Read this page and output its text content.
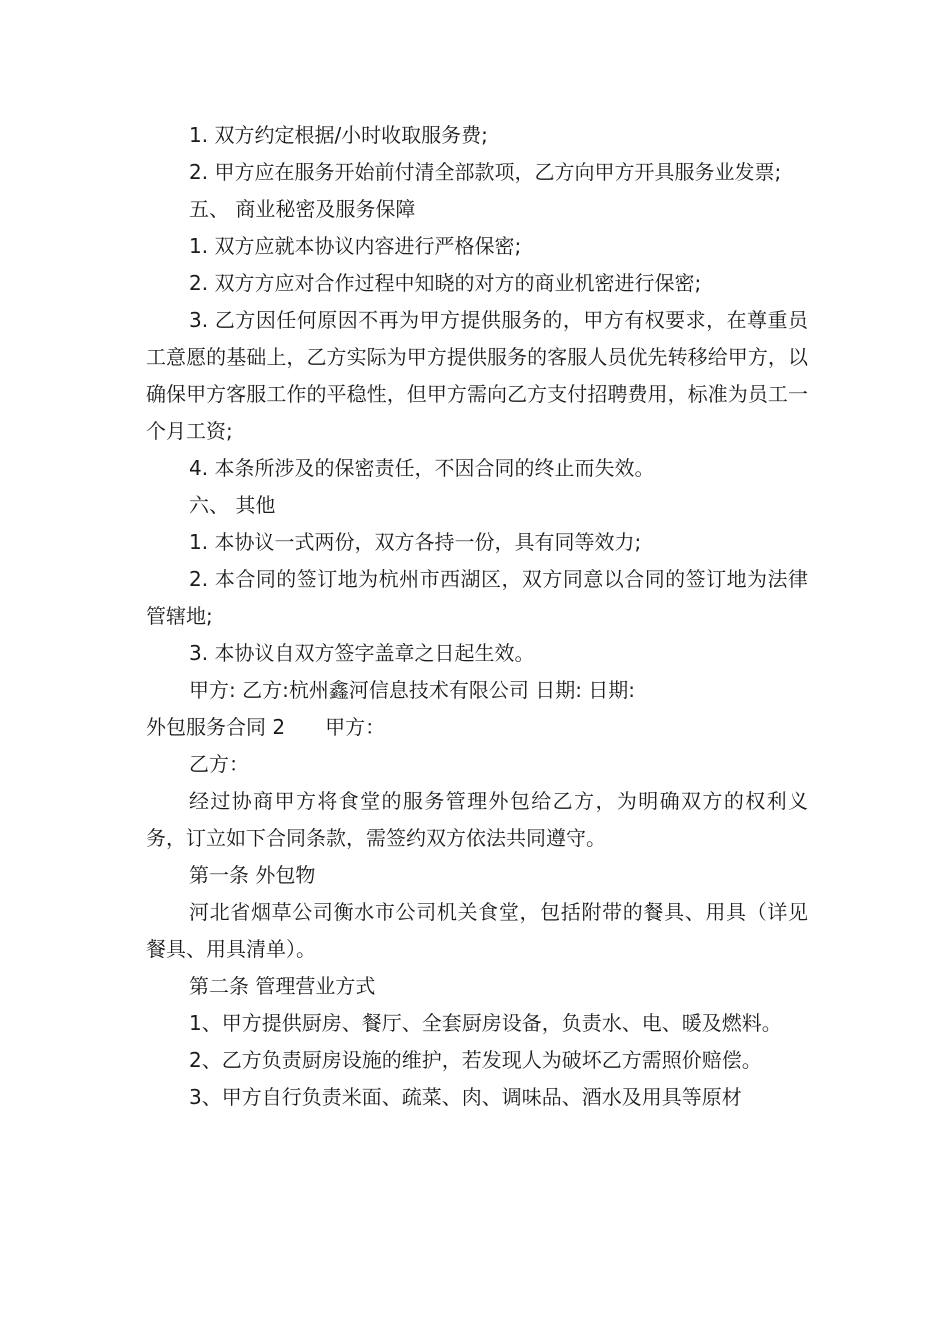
1. 双方约定根据/小时收取服务费;

2. 甲方应在服务开始前付清全部款项，乙方向甲方开具服务业发票;

五、 商业秘密及服务保障

1. 双方应就本协议内容进行严格保密;

2. 双方方应对合作过程中知晓的对方的商业机密进行保密;

3. 乙方因任何原因不再为甲方提供服务的，甲方有权要求，在尊重员工意愿的基础上，乙方实际为甲方提供服务的客服人员优先转移给甲方，以确保甲方客服工作的平稳性，但甲方需向乙方支付招聘费用，标准为员工一个月工资;

4. 本条所涉及的保密责任，不因合同的终止而失效。

六、 其他

1. 本协议一式两份，双方各持一份，具有同等效力;

2. 本合同的签订地为杭州市西湖区，双方同意以合同的签订地为法律管辖地;

3. 本协议自双方签字盖章之日起生效。

甲方: 乙方:杭州鑫河信息技术有限公司 日期: 日期:

外包服务合同 2 甲方：

乙方：

经过协商甲方将食堂的服务管理外包给乙方，为明确双方的权利义务，订立如下合同条款，需签约双方依法共同遵守。

第一条 外包物

河北省烟草公司衡水市公司机关食堂，包括附带的餐具、用具（详见餐具、用具清单）。

第二条 管理营业方式

1、甲方提供厨房、餐厅、全套厨房设备，负责水、电、暖及燃料。

2、乙方负责厨房设施的维护，若发现人为破坏乙方需照价赔偿。

3、甲方自行负责米面、疏菜、肉、调味品、酒水及用具等原材
